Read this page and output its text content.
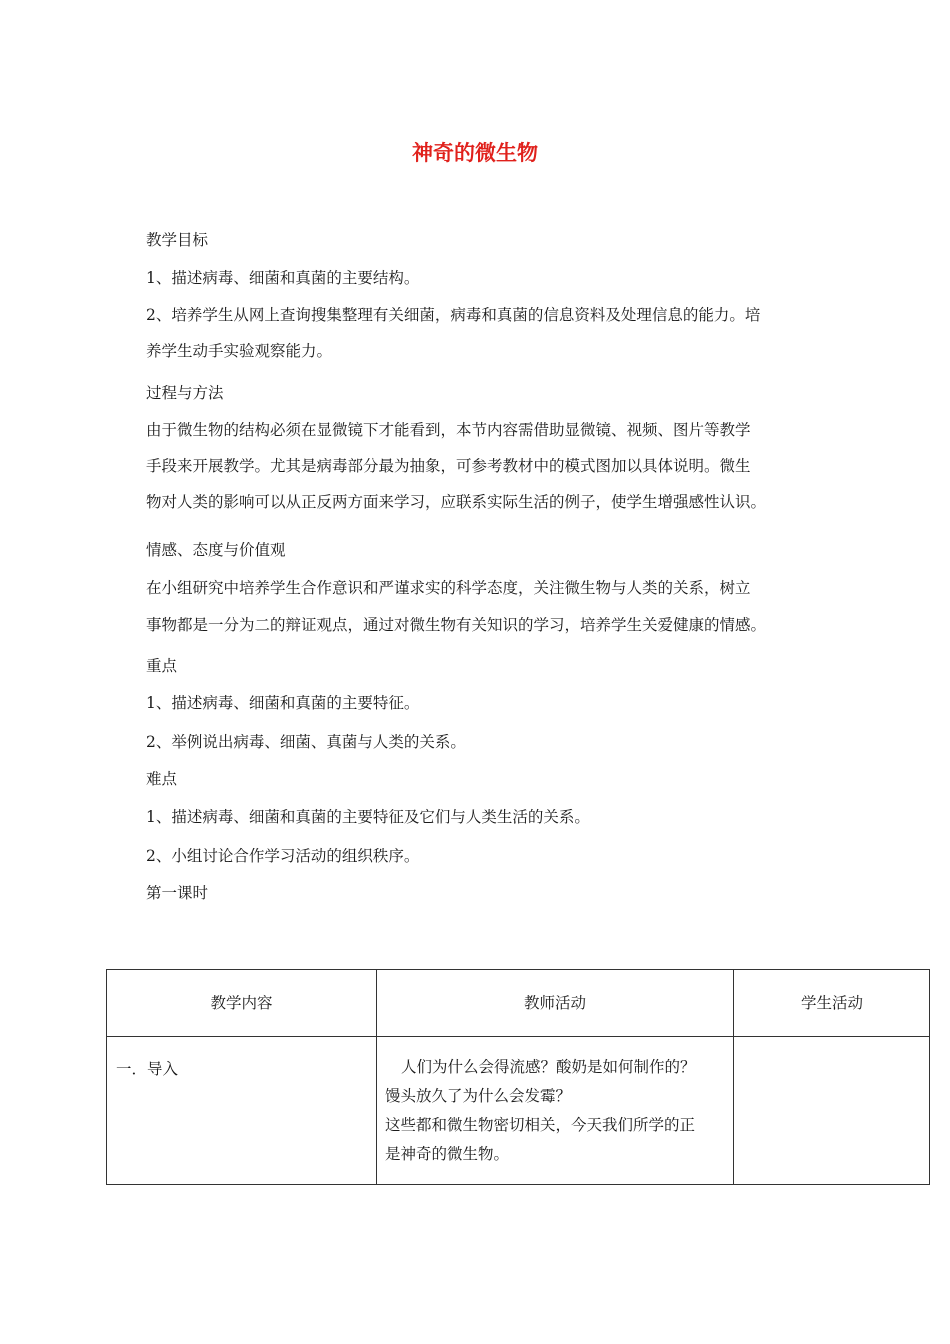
神奇的微生物
教学目标
1、描述病毒、细菌和真菌的主要结构。
2、培养学生从网上查询搜集整理有关细菌，病毒和真菌的信息资料及处理信息的能力。培
养学生动手实验观察能力。
过程与方法
由于微生物的结构必须在显微镜下才能看到，本节内容需借助显微镜、视频、图片等教学
手段来开展教学。尤其是病毒部分最为抽象，可参考教材中的模式图加以具体说明。微生
物对人类的影响可以从正反两方面来学习，应联系实际生活的例子，使学生增强感性认识。
情感、态度与价值观
在小组研究中培养学生合作意识和严谨求实的科学态度，关注微生物与人类的关系，树立
事物都是一分为二的辩证观点，通过对微生物有关知识的学习，培养学生关爱健康的情感。
重点
1、描述病毒、细菌和真菌的主要特征。
2、举例说出病毒、细菌、真菌与人类的关系。
难点
1、描述病毒、细菌和真菌的主要特征及它们与人类生活的关系。
2、小组讨论合作学习活动的组织秩序。
第一课时
教学内容	教师活动	学生活动
一．导入	人们为什么会得流感？酸奶是如何制作的？
馒头放久了为什么会发霉？
这些都和微生物密切相关，今天我们所学的正
是神奇的微生物。
